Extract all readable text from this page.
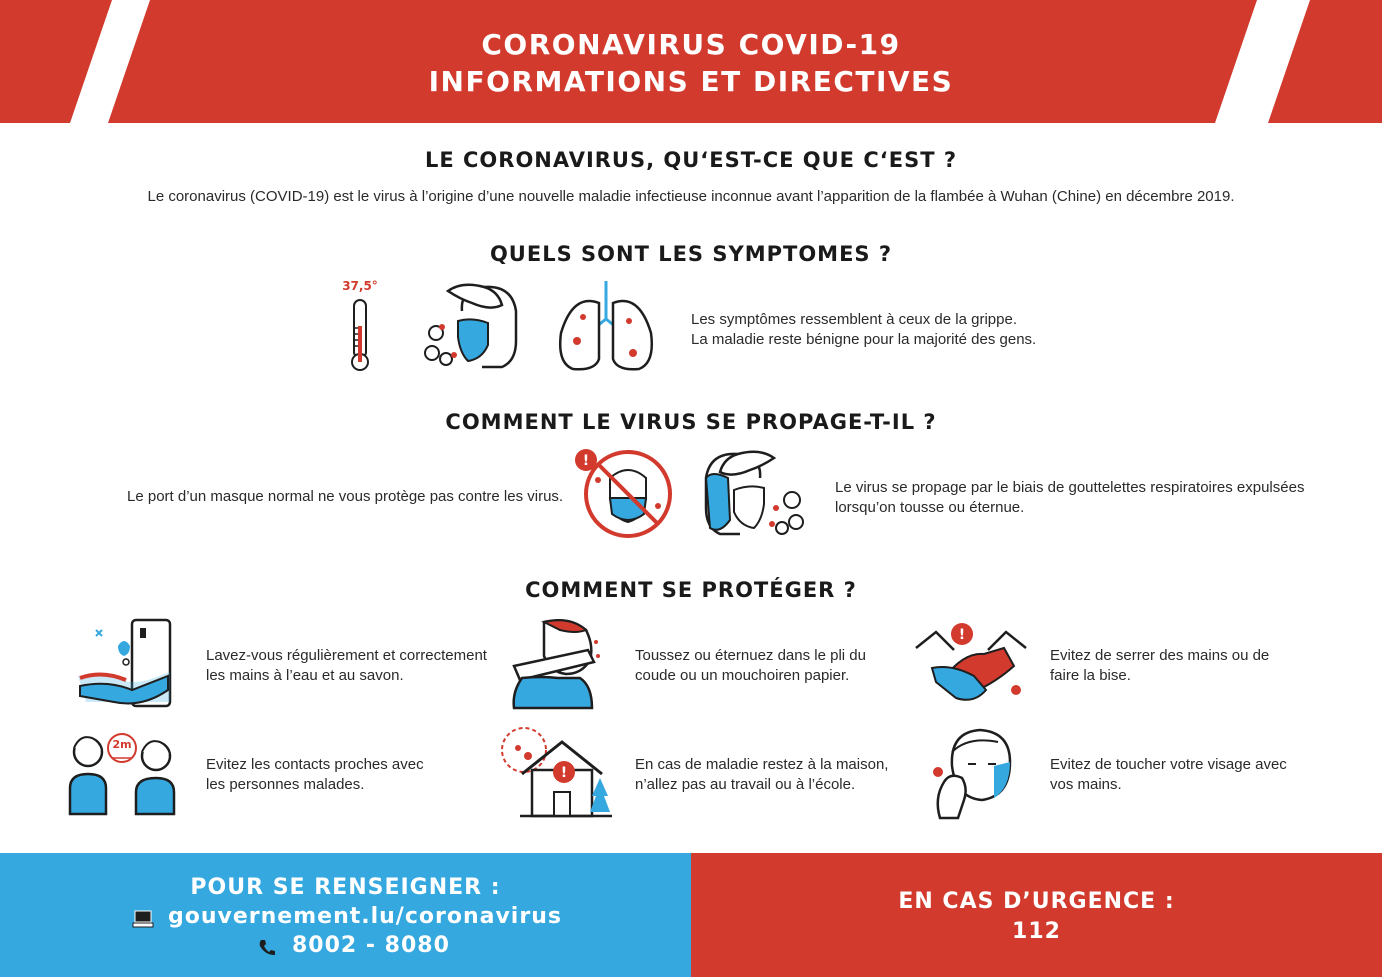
CORONAVIRUS COVID-19
INFORMATIONS ET DIRECTIVES
LE CORONAVIRUS, QU‘EST-CE QUE C‘EST ?
Le coronavirus (COVID-19) est le virus à l’origine d’une nouvelle maladie infectieuse inconnue avant l’apparition de la flambée à Wuhan (Chine) en décembre 2019.
QUELS SONT LES SYMPTOMES ?
37,5°
Les symptômes ressemblent à ceux de la grippe.
La maladie reste bénigne pour la majorité des gens.
COMMENT LE VIRUS SE PROPAGE-T-IL ?
Le port d’un masque normal ne vous protège pas contre les virus.
!
Le virus se propage par le biais de gouttelettes respiratoires expulsées
lorsqu’on tousse ou éternue.
COMMENT SE PROTÉGER ?
Lavez-vous régulièrement et correctement
les mains à l’eau et au savon.
Toussez ou éternuez dans le pli du
coude ou un mouchoiren papier.
!
Evitez de serrer des mains ou de
faire la bise.
2m
Evitez les contacts proches avec
les personnes malades.
!	En cas de maladie restez à la maison,
n’allez pas au travail ou à l’école.
Evitez de toucher votre visage avec
vos mains.
POUR SE RENSEIGNER :
gouvernement.lu/coronavirus
8002 - 8080
EN CAS D’URGENCE :
112
